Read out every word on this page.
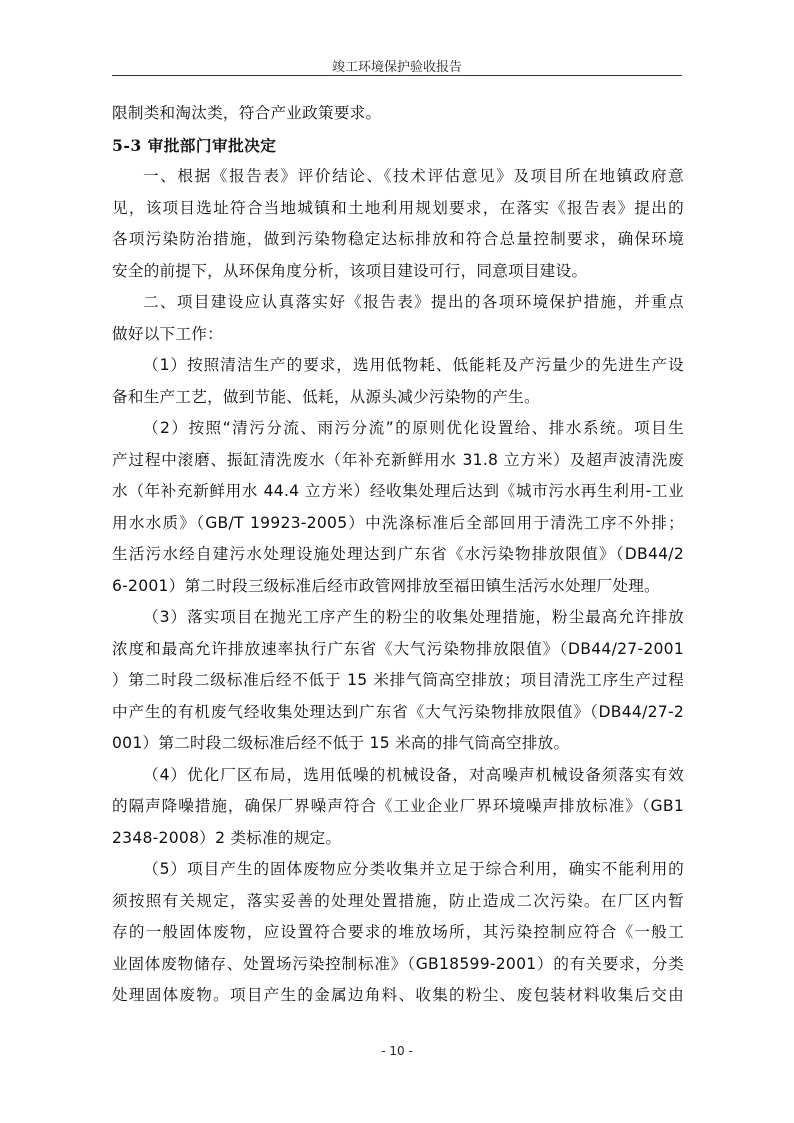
竣工环境保护验收报告
限制类和淘汰类，符合产业政策要求。
5-3 审批部门审批决定
一、根据《报告表》评价结论、《技术评估意见》及项目所在地镇政府意
见，该项目选址符合当地城镇和土地利用规划要求，在落实《报告表》提出的
各项污染防治措施，做到污染物稳定达标排放和符合总量控制要求，确保环境
安全的前提下，从环保角度分析，该项目建设可行，同意项目建设。
二、项目建设应认真落实好《报告表》提出的各项环境保护措施，并重点
做好以下工作：
（1）按照清洁生产的要求，选用低物耗、低能耗及产污量少的先进生产设
备和生产工艺，做到节能、低耗，从源头减少污染物的产生。
（2）按照“清污分流、雨污分流”的原则优化设置给、排水系统。项目生
产过程中滚磨、振缸清洗废水（年补充新鲜用水 31.8 立方米）及超声波清洗废
水（年补充新鲜用水 44.4 立方米）经收集处理后达到《城市污水再生利用-工业
用水水质》（GB/T 19923-2005）中洗涤标准后全部回用于清洗工序不外排；
生活污水经自建污水处理设施处理达到广东省《水污染物排放限值》（DB44/2
6-2001）第二时段三级标准后经市政管网排放至福田镇生活污水处理厂处理。
（3）落实项目在抛光工序产生的粉尘的收集处理措施，粉尘最高允许排放
浓度和最高允许排放速率执行广东省《大气污染物排放限值》（DB44/27-2001
）第二时段二级标准后经不低于 15 米排气筒高空排放；项目清洗工序生产过程
中产生的有机废气经收集处理达到广东省《大气污染物排放限值》（DB44/27-2
001）第二时段二级标准后经不低于 15 米高的排气筒高空排放。
（4）优化厂区布局，选用低噪的机械设备，对高噪声机械设备须落实有效
的隔声降噪措施，确保厂界噪声符合《工业企业厂界环境噪声排放标准》（GB1
2348-2008）2 类标准的规定。
（5）项目产生的固体废物应分类收集并立足于综合利用，确实不能利用的
须按照有关规定，落实妥善的处理处置措施，防止造成二次污染。在厂区内暂
存的一般固体废物，应设置符合要求的堆放场所，其污染控制应符合《一般工
业固体废物储存、处置场污染控制标准》（GB18599-2001）的有关要求，分类
处理固体废物。项目产生的金属边角料、收集的粉尘、废包装材料收集后交由
- 10 -
